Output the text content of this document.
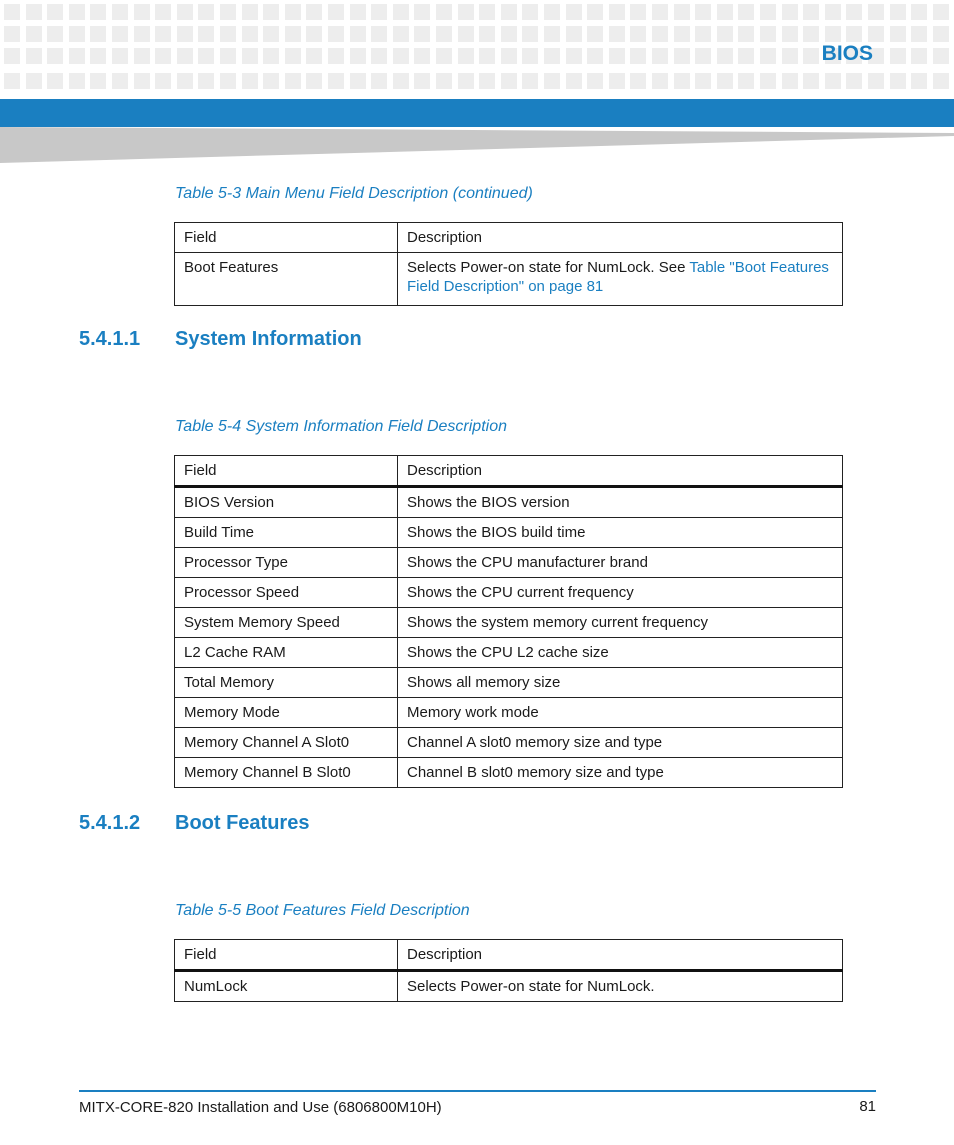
BIOS
Table 5-3 Main Menu Field Description (continued)
Field	Description
Boot Features	Selects Power-on state for NumLock. See Table "Boot Features Field Description" on page 81
5.4.1.1 System Information
Table 5-4 System Information Field Description
Field	Description
BIOS Version	Shows the BIOS version
Build Time	Shows the BIOS build time
Processor Type	Shows the CPU manufacturer brand
Processor Speed	Shows the CPU current frequency
System Memory Speed	Shows the system memory current frequency
L2 Cache RAM	Shows the CPU L2 cache size
Total Memory	Shows all memory size
Memory Mode	Memory work mode
Memory Channel A Slot0	Channel A slot0 memory size and type
Memory Channel B Slot0	Channel B slot0 memory size and type
5.4.1.2 Boot Features
Table 5-5 Boot Features Field Description
Field	Description
NumLock	Selects Power-on state for NumLock.
MITX-CORE-820 Installation and Use (6806800M10H)	81
